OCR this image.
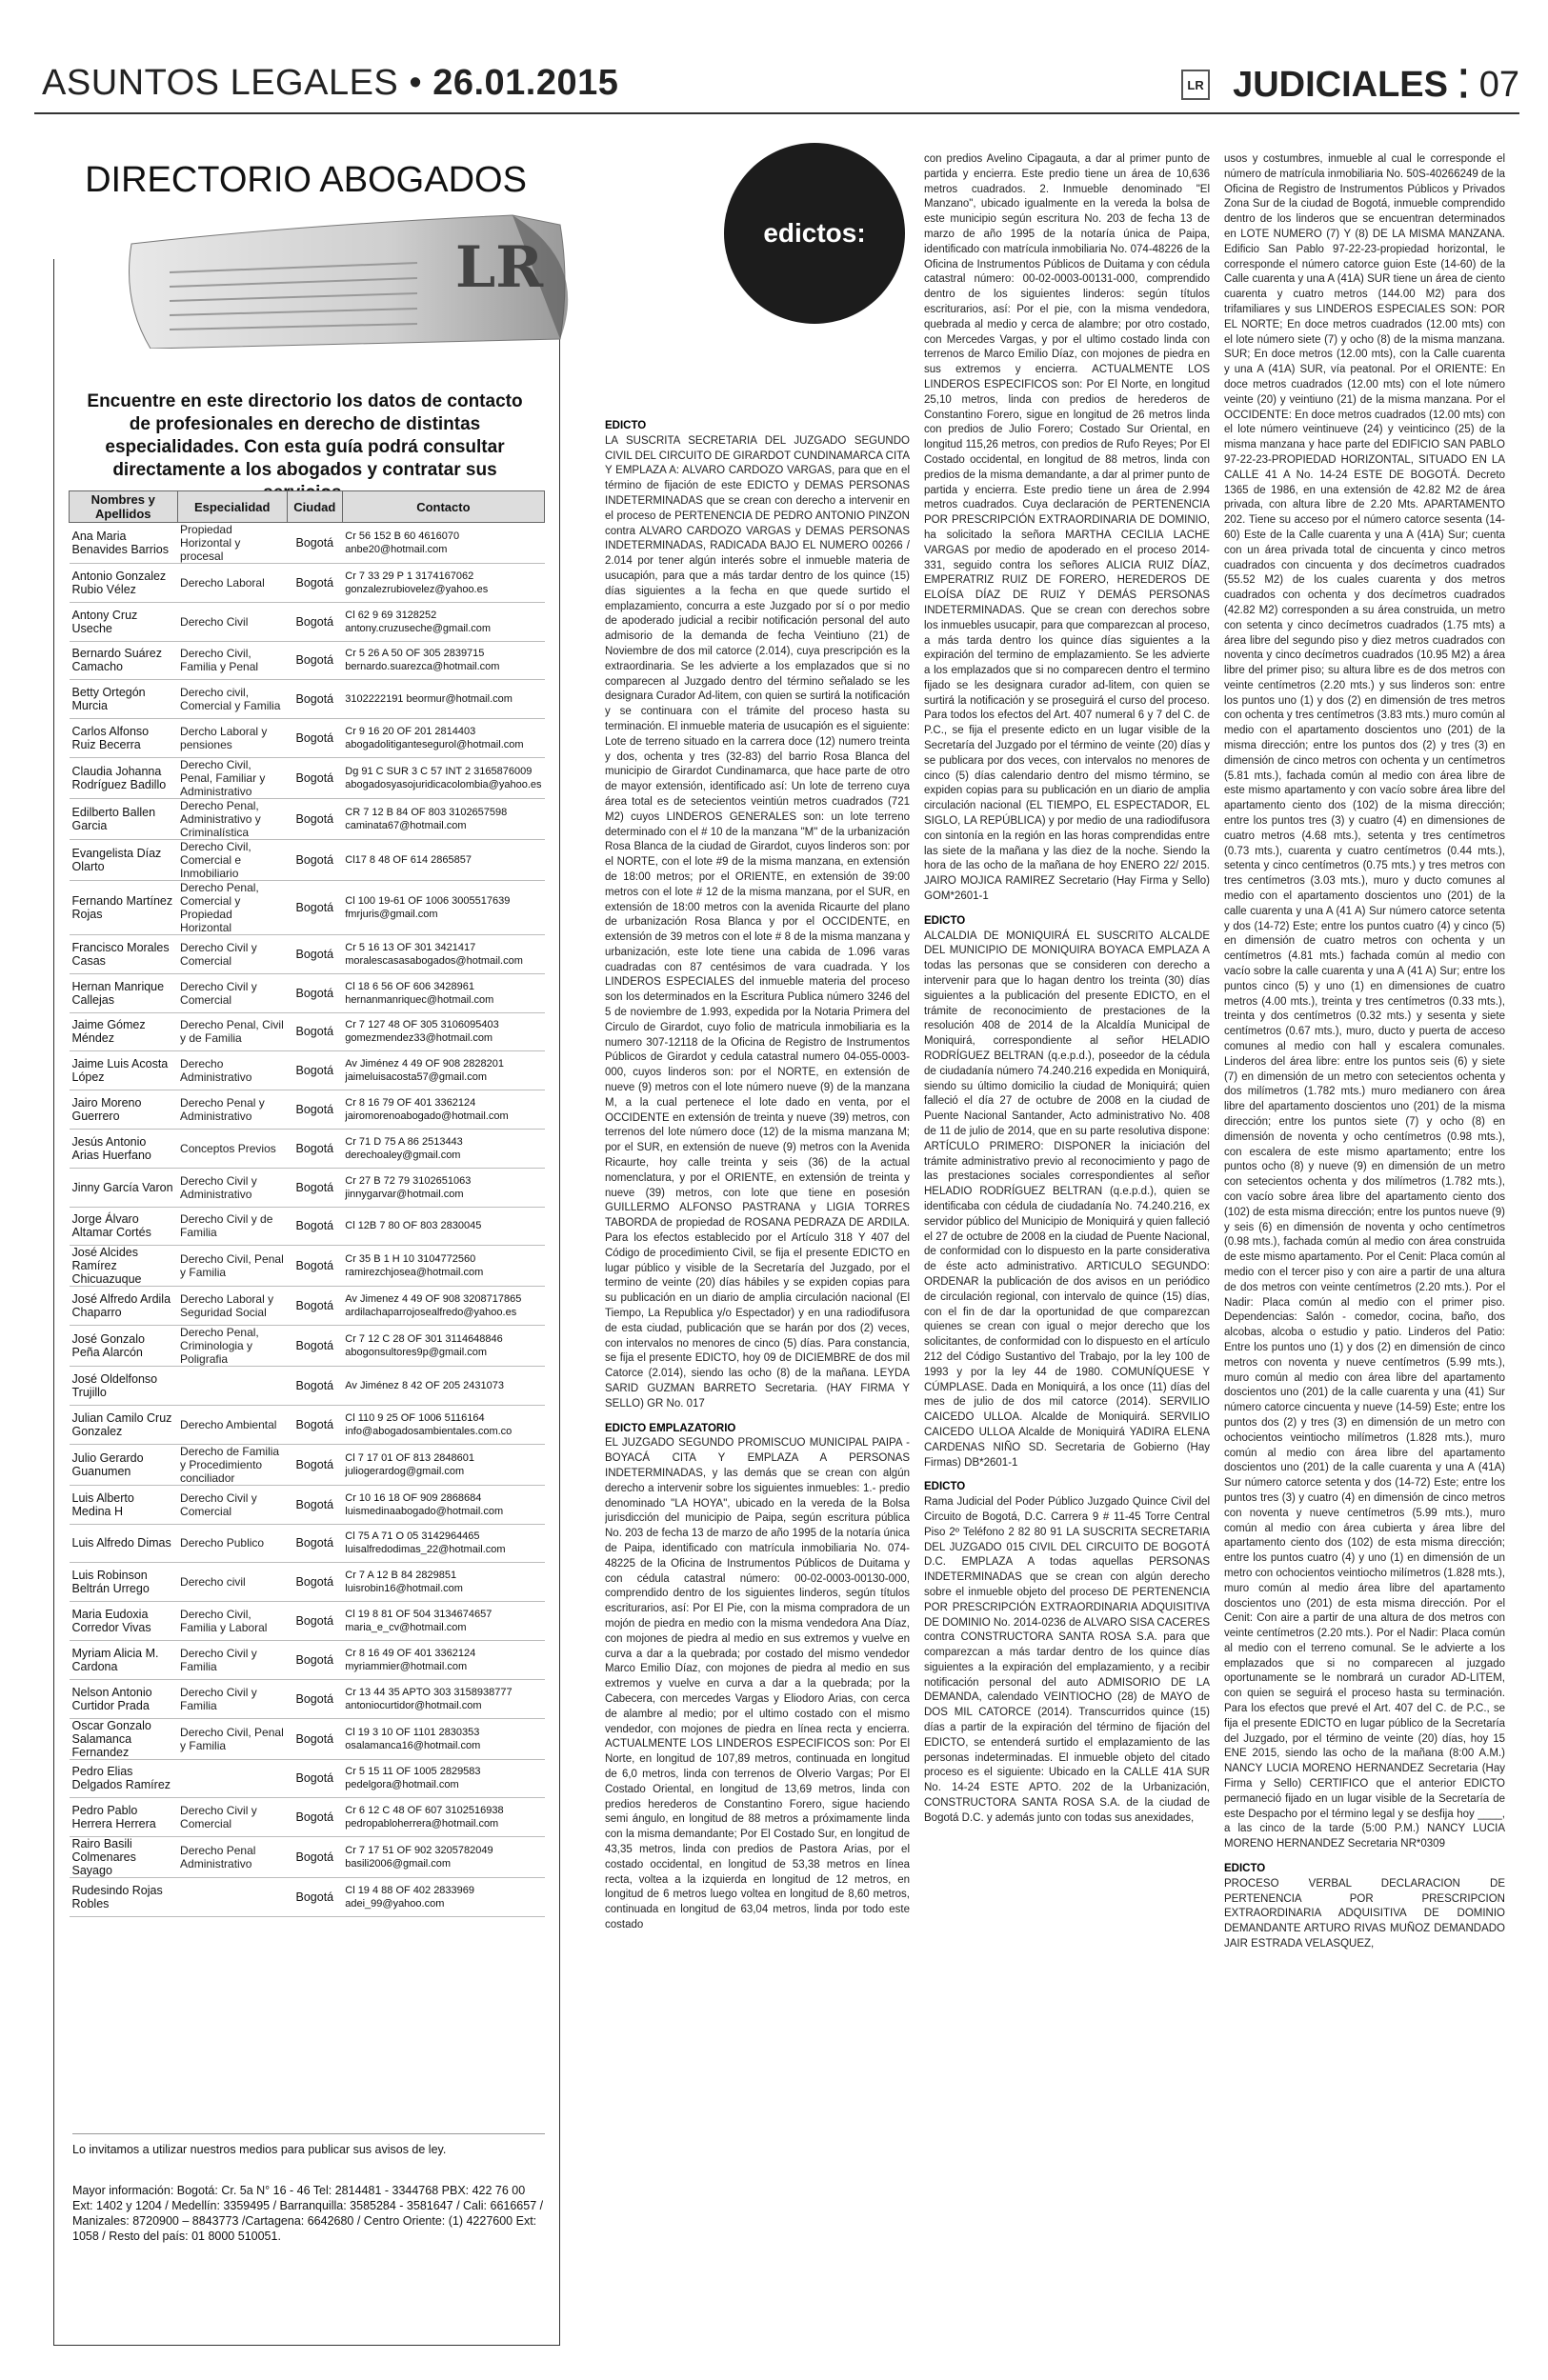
ASUNTOS LEGALES • 26.01.2015	LR JUDICIALES ⁚ 07
DIRECTORIO ABOGADOS
LR
Encuentre en este directorio los datos de contacto de profesionales en derecho de distintas especialidades. Con esta guía podrá consultar directamente a los abogados y contratar sus
Nombres y Apellidos	Especialidad	Ciudad	Contacto
Ana Maria Benavides Barrios	Propiedad Horizontal y procesal	Bogotá	Cr 56 152 B 60 4616070 anbe20@hotmail.com
Antonio Gonzalez Rubio Vélez	Derecho Laboral	Bogotá	Cr 7 33 29 P 1 3174167062 gonzalezrubiovelez@yahoo.es
Antony Cruz Useche	Derecho Civil	Bogotá	Cl 62 9 69 3128252 antony.cruzuseche@gmail.com
Bernardo Suárez Camacho	Derecho Civil, Familia y Penal	Bogotá	Cr 5 26 A 50 OF 305 2839715 bernardo.suarezca@hotmail.com
Betty Ortegón Murcia	Derecho civil, Comercial y Familia	Bogotá	3102222191 beormur@hotmail.com
Carlos Alfonso Ruiz Becerra	Dercho Laboral y pensiones	Bogotá	Cr 9 16 20 OF 201 2814403 abogadolitigantesegurol@hotmail.com
Claudia Johanna Rodríguez Badillo	Derecho Civil, Penal, Familiar y Administrativo	Bogotá	Dg 91 C SUR 3 C 57 INT 2 3165876009 abogadosyasojuridicacolombia@yahoo.es
Edilberto Ballen Garcia	Derecho Penal, Administrativo y Criminalística	Bogotá	CR 7 12 B 84 OF 803 3102657598 caminata67@hotmail.com
Evangelista Díaz Olarto	Derecho Civil, Comercial e Inmobiliario	Bogotá	Cl17 8 48 OF 614 2865857
Fernando Martínez Rojas	Derecho Penal, Comercial y Propiedad Horizontal	Bogotá	Cl 100 19-61 OF 1006 3005517639 fmrjuris@gmail.com
Francisco Morales Casas	Derecho Civil y Comercial	Bogotá	Cr 5 16 13 OF 301 3421417 moralescasasabogados@hotmail.com
Hernan Manrique Callejas	Derecho Civil y Comercial	Bogotá	Cl 18 6 56 OF 606 3428961 hernanmanriquec@hotmail.com
Jaime Gómez Méndez	Derecho Penal, Civil y de Familia	Bogotá	Cr 7 127 48 OF 305 3106095403 gomezmendez33@hotmail.com
Jaime Luis Acosta López	Derecho Administrativo	Bogotá	Av Jiménez 4 49 OF 908 2828201 jaimeluisacosta57@gmail.com
Jairo Moreno Guerrero	Derecho Penal y Administrativo	Bogotá	Cr 8 16 79 OF 401 3362124 jairomorenoabogado@hotmail.com
Jesús Antonio Arias Huerfano	Conceptos Previos	Bogotá	Cr 71 D 75 A 86 2513443 derechoaley@gmail.com
Jinny García Varon	Derecho Civil y Administrativo	Bogotá	Cr 27 B 72 79 3102651063 jinnygarvar@hotmail.com
Jorge Álvaro Altamar Cortés	Derecho Civil y de Familia	Bogotá	Cl 12B 7 80 OF 803 2830045
José Alcides Ramírez Chicuazuque	Derecho Civil, Penal y Familia	Bogotá	Cr 35 B 1 H 10 3104772560 ramirezchjosea@hotmail.com
José Alfredo Ardila Chaparro	Derecho Laboral y Seguridad Social	Bogotá	Av Jimenez 4 49 OF 908 3208717865 ardilachaparrojosealfredo@yahoo.es
José Gonzalo Peña Alarcón	Derecho Penal, Criminologia y Poligrafia	Bogotá	Cr 7 12 C 28 OF 301 3114648846 abogonsultores9p@gmail.com
José Oldelfonso Trujillo		Bogotá	Av Jiménez 8 42 OF 205 2431073
Julian Camilo Cruz Gonzalez	Derecho Ambiental	Bogotá	Cl 110 9 25 OF 1006 5116164 info@abogadosambientales.com.co
Julio Gerardo Guanumen	Derecho de Familia y Procedimiento conciliador	Bogotá	Cl 7 17 01 OF 813 2848601 juliogerardog@gmail.com
Luis Alberto Medina H	Derecho Civil y Comercial	Bogotá	Cr 10 16 18 OF 909 2868684 luismedinaabogado@hotmail.com
Luis Alfredo Dimas	Derecho Publico	Bogotá	Cl 75 A 71 O 05 3142964465 luisalfredodimas_22@hotmail.com
Luis Robinson Beltrán Urrego	Derecho civil	Bogotá	Cr 7 A 12 B 84 2829851 luisrobin16@hotmail.com
Maria Eudoxia Corredor Vivas	Derecho Civil, Familia y Laboral	Bogotá	Cl 19 8 81 OF 504 3134674657 maria_e_cv@hotmail.com
Myriam Alicia M. Cardona	Derecho Civil y Familia	Bogotá	Cr 8 16 49 OF 401 3362124 myriammier@hotmail.com
Nelson Antonio Curtidor Prada	Derecho Civil y Familia	Bogotá	Cr 13 44 35 APTO 303 3158938777 antoniocurtidor@hotmail.com
Oscar Gonzalo Salamanca Fernandez	Derecho Civil, Penal y Familia	Bogotá	Cl 19 3 10 OF 1101 2830353 osalamanca16@hotmail.com
Pedro Elias Delgados Ramírez		Bogotá	Cr 5 15 11 OF 1005 2829583 pedelgora@hotmail.com
Pedro Pablo Herrera Herrera	Derecho Civil y Comercial	Bogotá	Cr 6 12 C 48 OF 607 3102516938 pedropabloherrera@hotmail.com
Rairo Basili Colmenares Sayago	Derecho Penal Administrativo	Bogotá	Cr 7 17 51 OF 902 3205782049 basili2006@gmail.com
Rudesindo Rojas Robles		Bogotá	Cl 19 4 88 OF 402 2833969 adei_99@yahoo.com
Lo invitamos a utilizar nuestros medios para publicar sus avisos de ley.
Mayor información: Bogotá: Cr. 5a N° 16 - 46 Tel: 2814481 - 3344768 PBX: 422 76 00 Ext: 1402 y 1204 / Medellín: 3359495 / Barranquilla: 3585284 - 3581647 / Cali: 6616657 / Manizales: 8720900 – 8843773 /Cartagena: 6642680 / Centro Oriente: (1) 4227600 Ext: 1058 / Resto del país: 01 8000 510051.
edictos:

EDICTO

LA SUSCRITA SECRETARIA DEL JUZGADO SEGUNDO CIVIL DEL CIRCUITO DE GIRARDOT CUNDINAMARCA CITA Y EMPLAZA A: ALVARO CARDOZO VARGAS, para que en el término de fijación de este EDICTO y DEMAS PERSONAS INDETERMINADAS que se crean con derecho a intervenir en el proceso de PERTENENCIA DE PEDRO ANTONIO PINZON contra ALVARO CARDOZO VARGAS y DEMAS PERSONAS INDETERMINADAS, RADICADA BAJO EL NUMERO 00266 / 2.014 por tener algún interés sobre el inmueble materia de usucapión, para que a más tardar dentro de los quince (15) días siguientes a la fecha en que quede surtido el emplazamiento, concurra a este Juzgado por sí o por medio de apoderado judicial a recibir notificación personal del auto admisorio de la demanda de fecha Veintiuno (21) de Noviembre de dos mil catorce (2.014), cuya prescripción es la extraordinaria. Se les advierte a los emplazados que si no comparecen al Juzgado dentro del término señalado se les designara Curador Ad-litem, con quien se surtirá la notificación y se continuara con el trámite del proceso hasta su terminación. El inmueble materia de usucapión es el siguiente: Lote de terreno situado en la carrera doce (12) numero treinta y dos, ochenta y tres (32-83) del barrio Rosa Blanca del municipio de Girardot Cundinamarca, que hace parte de otro de mayor extensión, identificado así: Un lote de terreno cuya área total es de setecientos veintiún metros cuadrados (721 M2) cuyos LINDEROS GENERALES son: un lote terreno determinado con el # 10 de la manzana "M" de la urbanización Rosa Blanca de la ciudad de Girardot, cuyos linderos son: por el NORTE, con el lote #9 de la misma manzana, en extensión de 18:00 metros; por el ORIENTE, en extensión de 39:00 metros con el lote # 12 de la misma manzana, por el SUR, en extensión de 18:00 metros con la avenida Ricaurte del plano de urbanización Rosa Blanca y por el OCCIDENTE, en extensión de 39 metros con el lote # 8 de la misma manzana y urbanización, este lote tiene una cabida de 1.096 varas cuadradas con 87 centésimos de vara cuadrada. Y los LINDEROS ESPECIALES del inmueble materia del proceso son los determinados en la Escritura Publica número 3246 del 5 de noviembre de 1.993, expedida por la Notaria Primera del Circulo de Girardot, cuyo folio de matricula inmobiliaria es la numero 307-12118 de la Oficina de Registro de Instrumentos Públicos de Girardot y cedula catastral numero 04-055-0003-000, cuyos linderos son: por el NORTE, en extensión de nueve (9) metros con el lote número nueve (9) de la manzana M, a la cual pertenece el lote dado en venta, por el OCCIDENTE en extensión de treinta y nueve (39) metros, con terrenos del lote número doce (12) de la misma manzana M; por el SUR, en extensión de nueve (9) metros con la Avenida Ricaurte, hoy calle treinta y seis (36) de la actual nomenclatura, y por el ORIENTE, en extensión de treinta y nueve (39) metros, con lote que tiene en posesión GUILLERMO ALFONSO PASTRANA y LIGIA TORRES TABORDA de propiedad de ROSANA PEDRAZA DE ARDILA. Para los efectos establecido por el Artículo 318 Y 407 del Código de procedimiento Civil, se fija el presente EDICTO en lugar público y visible de la Secretaría del Juzgado, por el termino de veinte (20) días hábiles y se expiden copias para su publicación en un diario de amplia circulación nacional (El Tiempo, La Republica y/o Espectador) y en una radiodifusora de esta ciudad, publicación que se harán por dos (2) veces, con intervalos no menores de cinco (5) días. Para constancia, se fija el presente EDICTO, hoy 09 de DICIEMBRE de dos mil Catorce (2.014), siendo las ocho (8) de la mañana. LEYDA SARID GUZMAN BARRETO Secretaria. (HAY FIRMA Y SELLO) GR No. 017

EDICTO EMPLAZATORIO

EL JUZGADO SEGUNDO PROMISCUO MUNICIPAL PAIPA - BOYACÁ CITA Y EMPLAZA A PERSONAS INDETERMINADAS, y las demás que se crean con algún derecho a intervenir sobre los siguientes inmuebles: 1.- predio denominado "LA HOYA", ubicado en la vereda de la Bolsa jurisdicción del municipio de Paipa, según escritura pública No. 203 de fecha 13 de marzo de año 1995 de la notaría única de Paipa, identificado con matrícula inmobiliaria No. 074-48225 de la Oficina de Instrumentos Públicos de Duitama y con cédula catastral número: 00-02-0003-00130-000, comprendido dentro de los siguientes linderos, según títulos escriturarios, así: Por El Pie, con la misma compradora de un mojón de piedra en medio con la misma vendedora Ana Díaz, con mojones de piedra al medio en sus extremos y vuelve en curva a dar a la quebrada; por costado del mismo vendedor Marco Emilio Díaz, con mojones de piedra al medio en sus extremos y vuelve en curva a dar a la quebrada; por la Cabecera, con mercedes Vargas y Eliodoro Arias, con cerca de alambre al medio; por el ultimo costado con el mismo vendedor, con mojones de piedra en línea recta y encierra. ACTUALMENTE LOS LINDEROS ESPECIFICOS son: Por El Norte, en longitud de 107,89 metros, continuada en longitud de 6,0 metros, linda con terrenos de Olverio Vargas; Por El Costado Oriental, en longitud de 13,69 metros, linda con predios herederos de Constantino Forero, sigue haciendo semi ángulo, en longitud de 88 metros a próximamente linda con la misma demandante; Por El Costado Sur, en longitud de 43,35 metros, linda con predios de Pastora Arias, por el costado occidental, en longitud de 53,38 metros en línea recta, voltea a la izquierda en longitud de 12 metros, en longitud de 6 metros luego voltea en longitud de 8,60 metros, continuada en longitud de 63,04 metros, linda por todo este costado

con predios Avelino Cipagauta, a dar al primer punto de partida y encierra. Este predio tiene un área de 10,636 metros cuadrados. 2. Inmueble denominado "El Manzano", ubicado igualmente en la vereda la bolsa de este municipio según escritura No. 203 de fecha 13 de marzo de año 1995 de la notaría única de Paipa, identificado con matrícula inmobiliaria No. 074-48226 de la Oficina de Instrumentos Públicos de Duitama y con cédula catastral número: 00-02-0003-00131-000, comprendido dentro de los siguientes linderos: según títulos escriturarios, así: Por el pie, con la misma vendedora, quebrada al medio y cerca de alambre; por otro costado, con Mercedes Vargas, y por el ultimo costado linda con terrenos de Marco Emilio Díaz, con mojones de piedra en sus extremos y encierra. ACTUALMENTE LOS LINDEROS ESPECIFICOS son: Por El Norte, en longitud 25,10 metros, linda con predios de herederos de Constantino Forero, sigue en longitud de 26 metros linda con predios de Julio Forero; Costado Sur Oriental, en longitud 115,26 metros, con predios de Rufo Reyes; Por El Costado occidental, en longitud de 88 metros, linda con predios de la misma demandante, a dar al primer punto de partida y encierra. Este predio tiene un área de 2.994 metros cuadrados. Cuya declaración de PERTENENCIA POR PRESCRIPCIÓN EXTRAORDINARIA DE DOMINIO, ha solicitado la señora MARTHA CECILIA LACHE VARGAS por medio de apoderado en el proceso 2014-331, seguido contra los señores ALICIA RUIZ DÍAZ, EMPERATRIZ RUIZ DE FORERO, HEREDEROS DE ELOÍSA DÍAZ DE RUIZ Y DEMÁS PERSONAS INDETERMINADAS. Que se crean con derechos sobre los inmuebles usucapir, para que comparezcan al proceso, a más tarda dentro los quince días siguientes a la expiración del termino de emplazamiento. Se les advierte a los emplazados que si no comparecen dentro el termino fijado se les designara curador ad-litem, con quien se surtirá la notificación y se proseguirá el curso del proceso. Para todos los efectos del Art. 407 numeral 6 y 7 del C. de P.C., se fija el presente edicto en un lugar visible de la Secretaría del Juzgado por el término de veinte (20) días y se publicara por dos veces, con intervalos no menores de cinco (5) días calendario dentro del mismo término, se expiden copias para su publicación en un diario de amplia circulación nacional (EL TIEMPO, EL ESPECTADOR, EL SIGLO, LA REPÚBLICA) y por medio de una radiodifusora con sintonía en la región en las horas comprendidas entre las siete de la mañana y las diez de la noche. Siendo la hora de las ocho de la mañana de hoy ENERO 22/ 2015. JAIRO MOJICA RAMIREZ Secretario (Hay Firma y Sello) GOM*2601-1

EDICTO

ALCALDIA DE MONIQUIRÁ EL SUSCRITO ALCALDE DEL MUNICIPIO DE MONIQUIRA BOYACA EMPLAZA A todas las personas que se consideren con derecho a intervenir para que lo hagan dentro los treinta (30) días siguientes a la publicación del presente EDICTO, en el trámite de reconocimiento de prestaciones de la resolución 408 de 2014 de la Alcaldía Municipal de Moniquirá, correspondiente al señor HELADIO RODRÍGUEZ BELTRAN (q.e.p.d.), poseedor de la cédula de ciudadanía número 74.240.216 expedida en Moniquirá, siendo su último domicilio la ciudad de Moniquirá; quien falleció el día 27 de octubre de 2008 en la ciudad de Puente Nacional Santander, Acto administrativo No. 408 de 11 de julio de 2014, que en su parte resolutiva dispone: ARTÍCULO PRIMERO: DISPONER la iniciación del trámite administrativo previo al reconocimiento y pago de las prestaciones sociales correspondientes al señor HELADIO RODRÍGUEZ BELTRAN (q.e.p.d.), quien se identificaba con cédula de ciudadanía No. 74.240.216, ex servidor público del Municipio de Moniquirá y quien falleció el 27 de octubre de 2008 en la ciudad de Puente Nacional, de conformidad con lo dispuesto en la parte considerativa de éste acto administrativo. ARTICULO SEGUNDO: ORDENAR la publicación de dos avisos en un periódico de circulación regional, con intervalo de quince (15) días, con el fin de dar la oportunidad de que comparezcan quienes se crean con igual o mejor derecho que los solicitantes, de conformidad con lo dispuesto en el artículo 212 del Código Sustantivo del Trabajo, por la ley 100 de 1993 y por la ley 44 de 1980. COMUNÍQUESE Y CÚMPLASE. Dada en Moniquirá, a los once (11) días del mes de julio de dos mil catorce (2014). SERVILIO CAICEDO ULLOA. Alcalde de Moniquirá. SERVILIO CAICEDO ULLOA Alcalde de Moniquirá YADIRA ELENA CARDENAS NIÑO SD. Secretaria de Gobierno (Hay Firmas) DB*2601-1

EDICTO

Rama Judicial del Poder Público Juzgado Quince Civil del Circuito de Bogotá, D.C. Carrera 9 # 11-45 Torre Central Piso 2º Teléfono 2 82 80 91 LA SUSCRITA SECRETARIA DEL JUZGADO 015 CIVIL DEL CIRCUITO DE BOGOTÁ D.C. EMPLAZA A todas aquellas PERSONAS INDETERMINADAS que se crean con algún derecho sobre el inmueble objeto del proceso DE PERTENENCIA POR PRESCRIPCIÓN EXTRAORDINARIA ADQUISITIVA DE DOMINIO No. 2014-0236 de ALVARO SISA CACERES contra CONSTRUCTORA SANTA ROSA S.A. para que comparezcan a más tardar dentro de los quince días siguientes a la expiración del emplazamiento, y a recibir notificación personal del auto ADMISORIO DE LA DEMANDA, calendado VEINTIOCHO (28) de MAYO de DOS MIL CATORCE (2014). Transcurridos quince (15) días a partir de la expiración del término de fijación del EDICTO, se entenderá surtido el emplazamiento de las personas indeterminadas. El inmueble objeto del citado proceso es el siguiente: Ubicado en la CALLE 41A SUR No. 14-24 ESTE APTO. 202 de la Urbanización, CONSTRUCTORA SANTA ROSA S.A. de la ciudad de Bogotá D.C. y además junto con todas sus anexidades,

usos y costumbres, inmueble al cual le corresponde el número de matrícula inmobiliaria No. 50S-40266249 de la Oficina de Registro de Instrumentos Públicos y Privados Zona Sur de la ciudad de Bogotá, inmueble comprendido dentro de los linderos que se encuentran determinados en LOTE NUMERO (7) Y (8) DE LA MISMA MANZANA. Edificio San Pablo 97-22-23-propiedad horizontal, le corresponde el número catorce guion Este (14-60) de la Calle cuarenta y una A (41A) SUR tiene un área de ciento cuarenta y cuatro metros (144.00 M2) para dos trifamiliares y sus LINDEROS ESPECIALES SON: POR EL NORTE; En doce metros cuadrados (12.00 mts) con el lote número siete (7) y ocho (8) de la misma manzana. SUR; En doce metros (12.00 mts), con la Calle cuarenta y una A (41A) SUR, vía peatonal. Por el ORIENTE: En doce metros cuadrados (12.00 mts) con el lote número veinte (20) y veintiuno (21) de la misma manzana. Por el OCCIDENTE: En doce metros cuadrados (12.00 mts) con el lote número veintinueve (24) y veinticinco (25) de la misma manzana y hace parte del EDIFICIO SAN PABLO 97-22-23-PROPIEDAD HORIZONTAL, SITUADO EN LA CALLE 41 A No. 14-24 ESTE DE BOGOTÁ. Decreto 1365 de 1986, en una extensión de 42.82 M2 de área privada, con altura libre de 2.20 Mts. APARTAMENTO 202. Tiene su acceso por el número catorce sesenta (14-60) Este de la Calle cuarenta y una A (41A) Sur; cuenta con un área privada total de cincuenta y cinco metros cuadrados con cincuenta y dos decímetros cuadrados (55.52 M2) de los cuales cuarenta y dos metros cuadrados con ochenta y dos decímetros cuadrados (42.82 M2) corresponden a su área construida, un metro con setenta y cinco decímetros cuadrados (1.75 mts) a área libre del segundo piso y diez metros cuadrados con noventa y cinco decímetros cuadrados (10.95 M2) a área libre del primer piso; su altura libre es de dos metros con veinte centímetros (2.20 mts.) y sus linderos son: entre los puntos uno (1) y dos (2) en dimensión de tres metros con ochenta y tres centímetros (3.83 mts.) muro común al medio con el apartamento doscientos uno (201) de la misma dirección; entre los puntos dos (2) y tres (3) en dimensión de cinco metros con ochenta y un centímetros (5.81 mts.), fachada común al medio con área libre de este mismo apartamento y con vacío sobre área libre del apartamento ciento dos (102) de la misma dirección; entre los puntos tres (3) y cuatro (4) en dimensiones de cuatro metros (4.68 mts.), setenta y tres centímetros (0.73 mts.), cuarenta y cuatro centímetros (0.44 mts.), setenta y cinco centímetros (0.75 mts.) y tres metros con tres centímetros (3.03 mts.), muro y ducto comunes al medio con el apartamento doscientos uno (201) de la calle cuarenta y una A (41 A) Sur número catorce setenta y dos (14-72) Este; entre los puntos cuatro (4) y cinco (5) en dimensión de cuatro metros con ochenta y un centímetros (4.81 mts.) fachada común al medio con vacío sobre la calle cuarenta y una A (41 A) Sur; entre los puntos cinco (5) y uno (1) en dimensiones de cuatro metros (4.00 mts.), treinta y tres centímetros (0.33 mts.), treinta y dos centímetros (0.32 mts.) y sesenta y siete centímetros (0.67 mts.), muro, ducto y puerta de acceso comunes al medio con hall y escalera comunales. Linderos del área libre: entre los puntos seis (6) y siete (7) en dimensión de un metro con setecientos ochenta y dos milímetros (1.782 mts.) muro medianero con área libre del apartamento doscientos uno (201) de la misma dirección; entre los puntos siete (7) y ocho (8) en dimensión de noventa y ocho centímetros (0.98 mts.), con escalera de este mismo apartamento; entre los puntos ocho (8) y nueve (9) en dimensión de un metro con setecientos ochenta y dos milímetros (1.782 mts.), con vacío sobre área libre del apartamento ciento dos (102) de esta misma dirección; entre los puntos nueve (9) y seis (6) en dimensión de noventa y ocho centímetros (0.98 mts.), fachada común al medio con área construida de este mismo apartamento. Por el Cenit: Placa común al medio con el tercer piso y con aire a partir de una altura de dos metros con veinte centímetros (2.20 mts.). Por el Nadir: Placa común al medio con el primer piso. Dependencias: Salón - comedor, cocina, baño, dos alcobas, alcoba o estudio y patio. Linderos del Patio: Entre los puntos uno (1) y dos (2) en dimensión de cinco metros con noventa y nueve centímetros (5.99 mts.), muro común al medio con área libre del apartamento doscientos uno (201) de la calle cuarenta y una (41) Sur número catorce cincuenta y nueve (14-59) Este; entre los puntos dos (2) y tres (3) en dimensión de un metro con ochocientos veintiocho milímetros (1.828 mts.), muro común al medio con área libre del apartamento doscientos uno (201) de la calle cuarenta y una A (41A) Sur número catorce setenta y dos (14-72) Este; entre los puntos tres (3) y cuatro (4) en dimensión de cinco metros con noventa y nueve centímetros (5.99 mts.), muro común al medio con área cubierta y área libre del apartamento ciento dos (102) de esta misma dirección; entre los puntos cuatro (4) y uno (1) en dimensión de un metro con ochocientos veintiocho milímetros (1.828 mts.), muro común al medio área libre del apartamento doscientos uno (201) de esta misma dirección. Por el Cenit: Con aire a partir de una altura de dos metros con veinte centímetros (2.20 mts.). Por el Nadir: Placa común al medio con el terreno comunal. Se le advierte a los emplazados que si no comparecen al juzgado oportunamente se le nombrará un curador AD-LITEM, con quien se seguirá el proceso hasta su terminación. Para los efectos que prevé el Art. 407 del C. de P.C., se fija el presente EDICTO en lugar público de la Secretaría del Juzgado, por el término de veinte (20) días, hoy 15 ENE 2015, siendo las ocho de la mañana (8:00 A.M.) NANCY LUCIA MORENO HERNANDEZ Secretaria (Hay Firma y Sello) CERTIFICO que el anterior EDICTO permaneció fijado en un lugar visible de la Secretaría de este Despacho por el término legal y se desfija hoy ____, a las cinco de la tarde (5:00 P.M.) NANCY LUCIA MORENO HERNANDEZ Secretaria NR*0309

EDICTO

PROCESO VERBAL DECLARACION DE PERTENENCIA POR PRESCRIPCION EXTRAORDINARIA ADQUISITIVA DE DOMINIO DEMANDANTE ARTURO RIVAS MUÑOZ DEMANDADO JAIR ESTRADA VELASQUEZ,
